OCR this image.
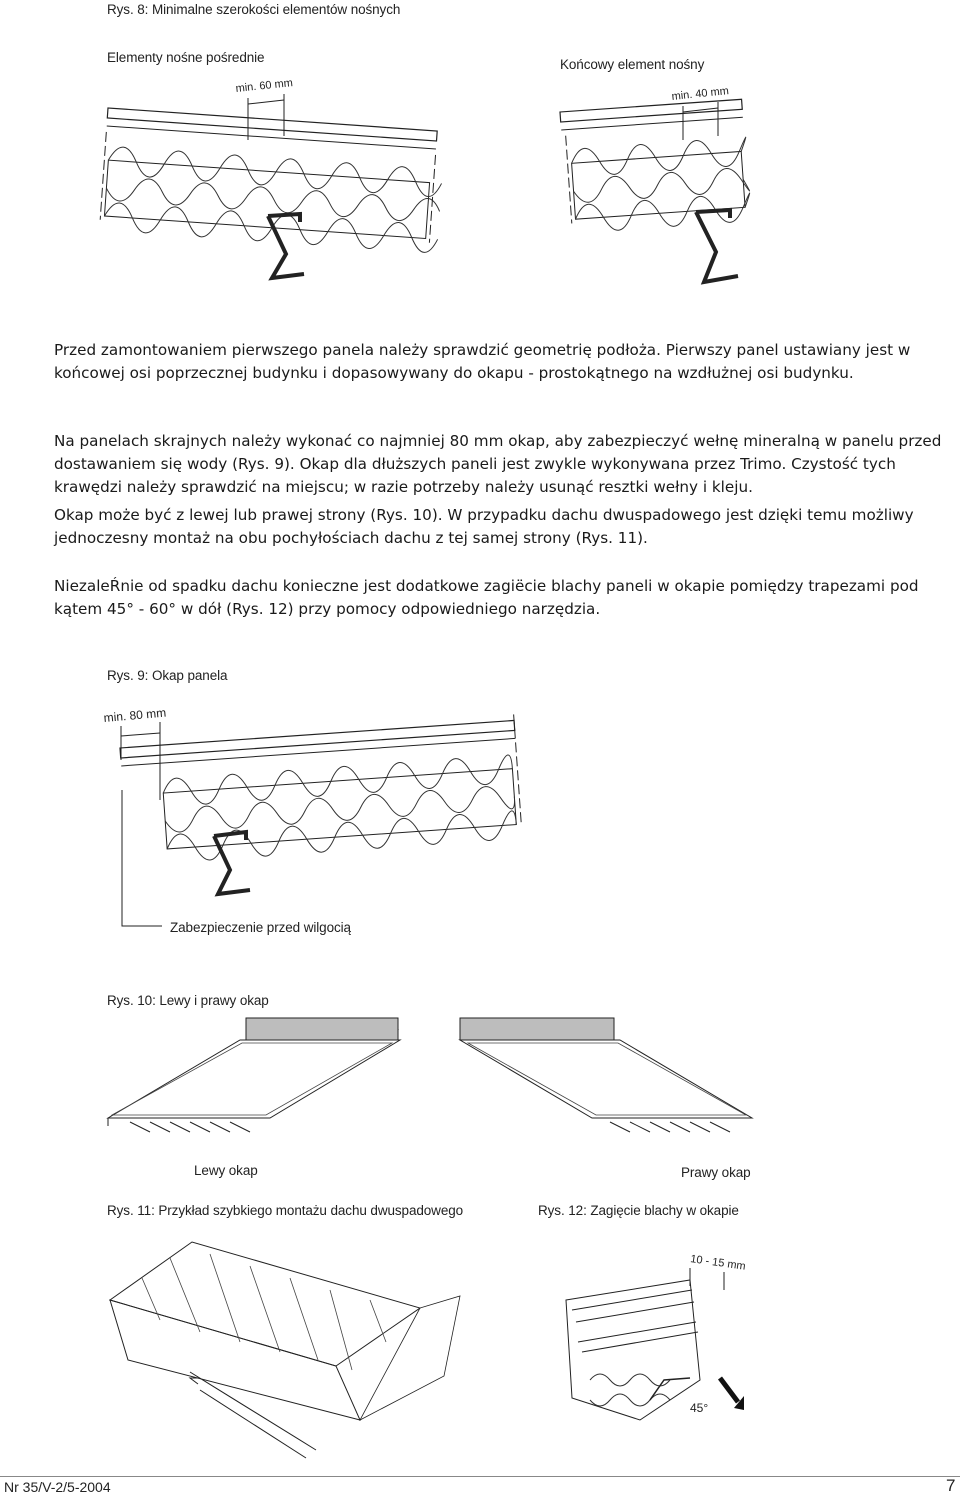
Rys. 8: Minimalne szerokości elementów nośnych
Elementy nośne pośrednie	Końcowy element nośny
min. 60 mm	min. 40 mm

Przed zamontowaniem pierwszego panela należy sprawdzić geometrię podłoża. Pierwszy panel ustawiany jest w końcowej osi poprzecznej budynku i dopasowywany do okapu - prostokątnego na wzdłużnej osi budynku.

Na panelach skrajnych należy wykonać co najmniej 80 mm okap, aby zabezpieczyć wełnę mineralną w panelu przed dostawaniem się wody (Rys. 9). Okap dla dłuższych paneli jest zwykle wykonywana przez Trimo. Czystość tych krawędzi należy sprawdzić na miejscu; w razie potrzeby należy usunąć resztki wełny i kleju.

Okap może być z lewej lub prawej strony (Rys. 10). W przypadku dachu dwuspadowego jest dzięki temu możliwy jednoczesny montaż na obu pochyłościach dachu z tej samej strony (Rys. 11).

NiezaleŔnie od spadku dachu konieczne jest dodatkowe zagiëcie blachy paneli w okapie pomiędzy trapezami pod kątem 45° - 60° w dół (Rys. 12) przy pomocy odpowiedniego narzędzia.

Rys. 9: Okap panela
Zabezpieczenie przed wilgocią
min. 80 mm
Rys. 10: Lewy i prawy okap
Lewy okap	Prawy okap
Rys. 11: Przykład szybkiego montażu dachu dwuspadowego	Rys. 12: Zagięcie blachy w okapie
10 - 15 mm
45°
Nr 35/V-2/5-2004	7
